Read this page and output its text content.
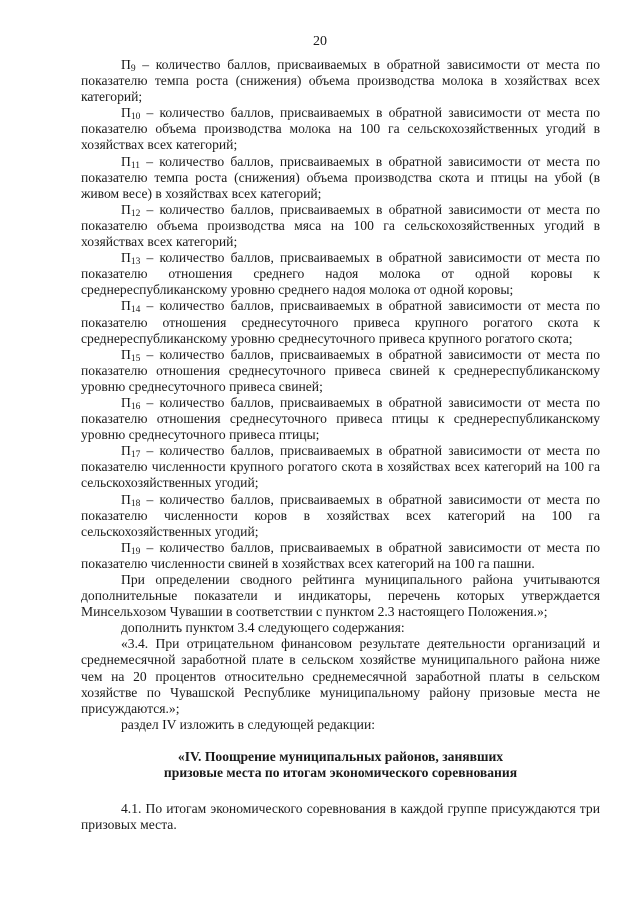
20

$П_9$ – количество баллов, присваиваемых в обратной зависимости от места по показателю темпа роста (снижения) объема производства молока в хозяйствах всех категорий;

$П_{10}$ – количество баллов, присваиваемых в обратной зависимости от места по показателю объема производства молока на 100 га сельскохозяйственных угодий в хозяйствах всех категорий;

$П_{11}$ – количество баллов, присваиваемых в обратной зависимости от места по показателю темпа роста (снижения) объема производства скота и птицы на убой (в живом весе) в хозяйствах всех категорий;

$П_{12}$ – количество баллов, присваиваемых в обратной зависимости от места по показателю объема производства мяса на 100 га сельскохозяйственных угодий в хозяйствах всех категорий;

$П_{13}$ – количество баллов, присваиваемых в обратной зависимости от места по показателю отношения среднего надоя молока от одной коровы к среднереспубликанскому уровню среднего надоя молока от одной коровы;

$П_{14}$ – количество баллов, присваиваемых в обратной зависимости от места по показателю отношения среднесуточного привеса крупного рогатого скота к среднереспубликанскому уровню среднесуточного привеса крупного рогатого скота;

$П_{15}$ – количество баллов, присваиваемых в обратной зависимости от места по показателю отношения среднесуточного привеса свиней к среднереспубликанскому уровню среднесуточного привеса свиней;

$П_{16}$ – количество баллов, присваиваемых в обратной зависимости от места по показателю отношения среднесуточного привеса птицы к среднереспубликанскому уровню среднесуточного привеса птицы;

$П_{17}$ – количество баллов, присваиваемых в обратной зависимости от места по показателю численности крупного рогатого скота в хозяйствах всех категорий на 100 га сельскохозяйственных угодий;

$П_{18}$ – количество баллов, присваиваемых в обратной зависимости от места по показателю численности коров в хозяйствах всех категорий на 100 га сельскохозяйственных угодий;

$П_{19}$ – количество баллов, присваиваемых в обратной зависимости от места по показателю численности свиней в хозяйствах всех категорий на 100 га пашни.

При определении сводного рейтинга муниципального района учитываются дополнительные показатели и индикаторы, перечень которых утверждается Минсельхозом Чувашии в соответствии с пунктом 2.3 настоящего Положения.»;

дополнить пунктом 3.4 следующего содержания:

«3.4. При отрицательном финансовом результате деятельности организаций и среднемесячной заработной плате в сельском хозяйстве муниципального района ниже чем на 20 процентов относительно среднемесячной заработной платы в сельском хозяйстве по Чувашской Республике муниципальному району призовые места не присуждаются.»;

раздел IV изложить в следующей редакции:

«IV. Поощрение муниципальных районов, занявших
призовые места по итогам экономического соревнования

4.1. По итогам экономического соревнования в каждой группе присуждаются три призовых места.
